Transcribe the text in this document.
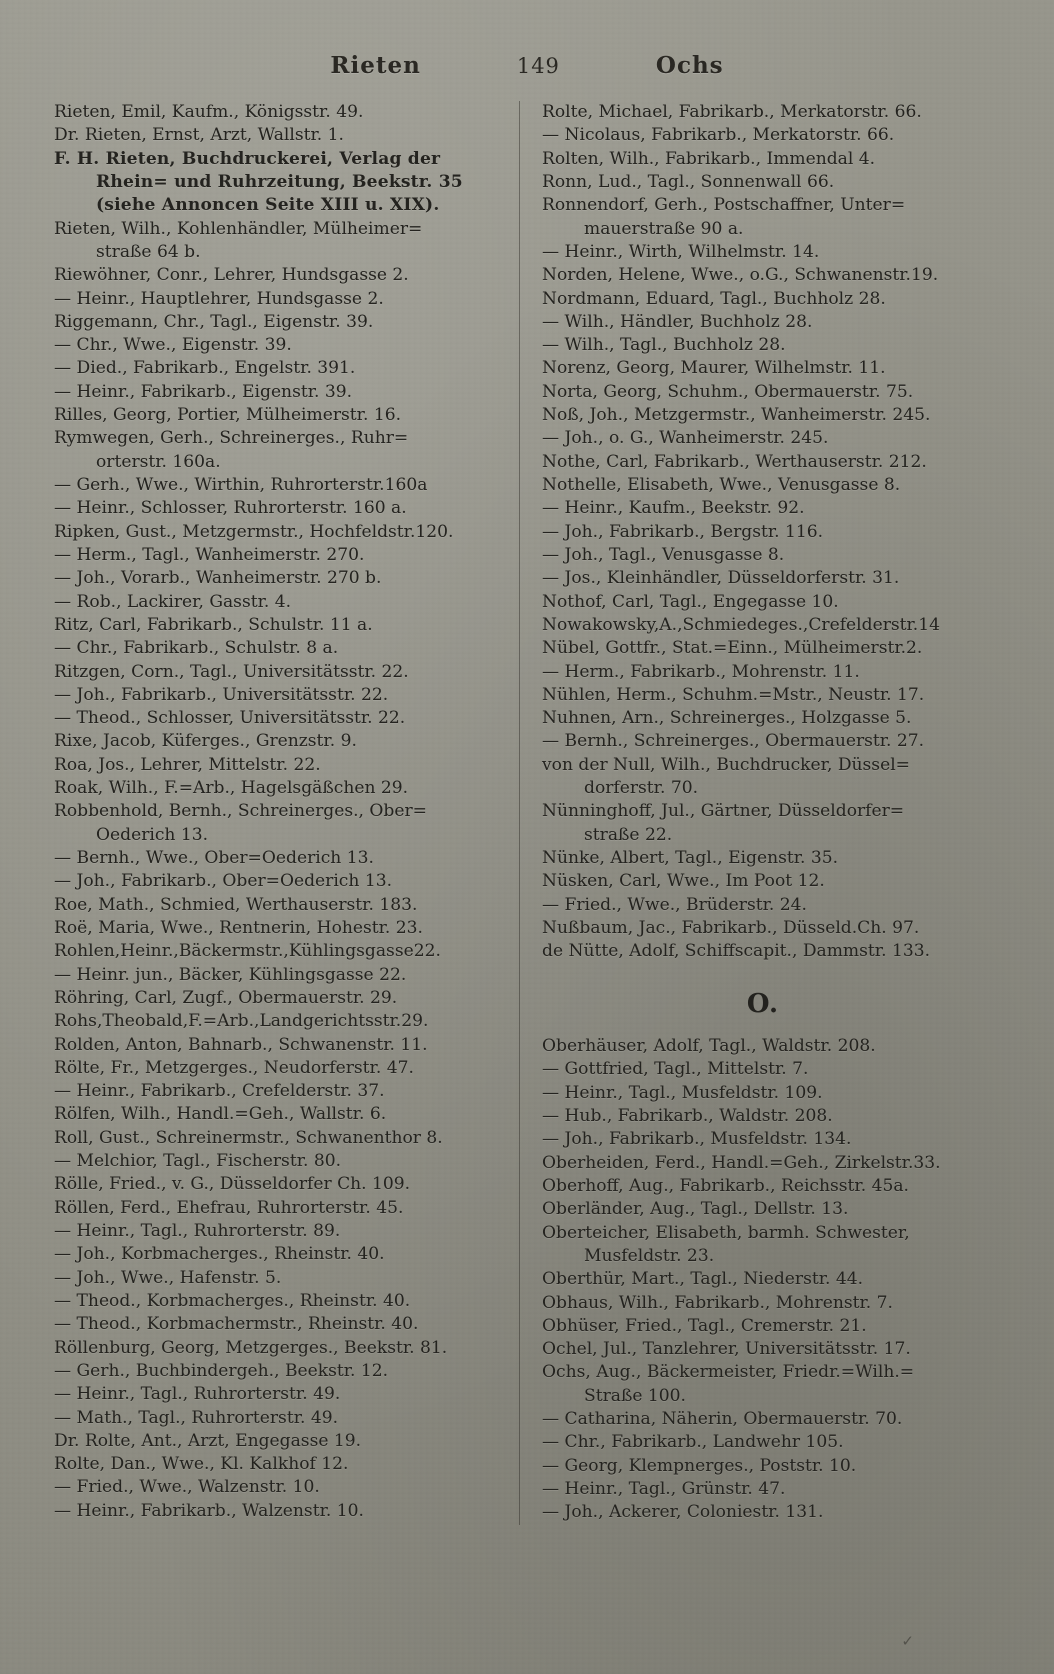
Rieten	149	Ochs
Rieten, Emil, Kaufm., Königsstr. 49.
Dr. Rieten, Ernst, Arzt, Wallstr. 1.
F. H. Rieten, Buchdruckerei, Verlag der
Rhein= und Ruhrzeitung, Beekstr. 35
(siehe Annoncen Seite XIII u. XIX).
Rieten, Wilh., Kohlenhändler, Mülheimer=
straße 64 b.
Riewöhner, Conr., Lehrer, Hundsgasse 2.
— Heinr., Hauptlehrer, Hundsgasse 2.
Riggemann, Chr., Tagl., Eigenstr. 39.
— Chr., Wwe., Eigenstr. 39.
— Died., Fabrikarb., Engelstr. 391.
— Heinr., Fabrikarb., Eigenstr. 39.
Rilles, Georg, Portier, Mülheimerstr. 16.
Rymwegen, Gerh., Schreinerges., Ruhr=
orterstr. 160a.
— Gerh., Wwe., Wirthin, Ruhrorterstr.160a
— Heinr., Schlosser, Ruhrorterstr. 160 a.
Ripken, Gust., Metzgermstr., Hochfeldstr.120.
— Herm., Tagl., Wanheimerstr. 270.
— Joh., Vorarb., Wanheimerstr. 270 b.
— Rob., Lackirer, Gasstr. 4.
Ritz, Carl, Fabrikarb., Schulstr. 11 a.
— Chr., Fabrikarb., Schulstr. 8 a.
Ritzgen, Corn., Tagl., Universitätsstr. 22.
— Joh., Fabrikarb., Universitätsstr. 22.
— Theod., Schlosser, Universitätsstr. 22.
Rixe, Jacob, Küferges., Grenzstr. 9.
Roa, Jos., Lehrer, Mittelstr. 22.
Roak, Wilh., F.=Arb., Hagelsgäßchen 29.
Robbenhold, Bernh., Schreinerges., Ober=
Oederich 13.
— Bernh., Wwe., Ober=Oederich 13.
— Joh., Fabrikarb., Ober=Oederich 13.
Roe, Math., Schmied, Werthauserstr. 183.
Roë, Maria, Wwe., Rentnerin, Hohestr. 23.
Rohlen,Heinr.,Bäckermstr.,Kühlingsgasse22.
— Heinr. jun., Bäcker, Kühlingsgasse 22.
Röhring, Carl, Zugf., Obermauerstr. 29.
Rohs,Theobald,F.=Arb.,Landgerichtsstr.29.
Rolden, Anton, Bahnarb., Schwanenstr. 11.
Rölte, Fr., Metzgerges., Neudorferstr. 47.
— Heinr., Fabrikarb., Crefelderstr. 37.
Rölfen, Wilh., Handl.=Geh., Wallstr. 6.
Roll, Gust., Schreinermstr., Schwanenthor 8.
— Melchior, Tagl., Fischerstr. 80.
Rölle, Fried., v. G., Düsseldorfer Ch. 109.
Röllen, Ferd., Ehefrau, Ruhrorterstr. 45.
— Heinr., Tagl., Ruhrorterstr. 89.
— Joh., Korbmacherges., Rheinstr. 40.
— Joh., Wwe., Hafenstr. 5.
— Theod., Korbmacherges., Rheinstr. 40.
— Theod., Korbmachermstr., Rheinstr. 40.
Röllenburg, Georg, Metzgerges., Beekstr. 81.
— Gerh., Buchbindergeh., Beekstr. 12.
— Heinr., Tagl., Ruhrorterstr. 49.
— Math., Tagl., Ruhrorterstr. 49.
Dr. Rolte, Ant., Arzt, Engegasse 19.
Rolte, Dan., Wwe., Kl. Kalkhof 12.
— Fried., Wwe., Walzenstr. 10.
— Heinr., Fabrikarb., Walzenstr. 10.
Rolte, Michael, Fabrikarb., Merkatorstr. 66.
— Nicolaus, Fabrikarb., Merkatorstr. 66.
Rolten, Wilh., Fabrikarb., Immendal 4.
Ronn, Lud., Tagl., Sonnenwall 66.
Ronnendorf, Gerh., Postschaffner, Unter=
mauerstraße 90 a.
— Heinr., Wirth, Wilhelmstr. 14.
Norden, Helene, Wwe., o.G., Schwanenstr.19.
Nordmann, Eduard, Tagl., Buchholz 28.
— Wilh., Händler, Buchholz 28.
— Wilh., Tagl., Buchholz 28.
Norenz, Georg, Maurer, Wilhelmstr. 11.
Norta, Georg, Schuhm., Obermauerstr. 75.
Noß, Joh., Metzgermstr., Wanheimerstr. 245.
— Joh., o. G., Wanheimerstr. 245.
Nothe, Carl, Fabrikarb., Werthauserstr. 212.
Nothelle, Elisabeth, Wwe., Venusgasse 8.
— Heinr., Kaufm., Beekstr. 92.
— Joh., Fabrikarb., Bergstr. 116.
— Joh., Tagl., Venusgasse 8.
— Jos., Kleinhändler, Düsseldorferstr. 31.
Nothof, Carl, Tagl., Engegasse 10.
Nowakowsky,A.,Schmiedeges.,Crefelderstr.14
Nübel, Gottfr., Stat.=Einn., Mülheimerstr.2.
— Herm., Fabrikarb., Mohrenstr. 11.
Nühlen, Herm., Schuhm.=Mstr., Neustr. 17.
Nuhnen, Arn., Schreinerges., Holzgasse 5.
— Bernh., Schreinerges., Obermauerstr. 27.
von der Null, Wilh., Buchdrucker, Düssel=
dorferstr. 70.
Nünninghoff, Jul., Gärtner, Düsseldorfer=
straße 22.
Nünke, Albert, Tagl., Eigenstr. 35.
Nüsken, Carl, Wwe., Im Poot 12.
— Fried., Wwe., Brüderstr. 24.
Nußbaum, Jac., Fabrikarb., Düsseld.Ch. 97.
de Nütte, Adolf, Schiffscapit., Dammstr. 133.
O.
Oberhäuser, Adolf, Tagl., Waldstr. 208.
— Gottfried, Tagl., Mittelstr. 7.
— Heinr., Tagl., Musfeldstr. 109.
— Hub., Fabrikarb., Waldstr. 208.
— Joh., Fabrikarb., Musfeldstr. 134.
Oberheiden, Ferd., Handl.=Geh., Zirkelstr.33.
Oberhoff, Aug., Fabrikarb., Reichsstr. 45a.
Oberländer, Aug., Tagl., Dellstr. 13.
Oberteicher, Elisabeth, barmh. Schwester,
Musfeldstr. 23.
Oberthür, Mart., Tagl., Niederstr. 44.
Obhaus, Wilh., Fabrikarb., Mohrenstr. 7.
Obhüser, Fried., Tagl., Cremerstr. 21.
Ochel, Jul., Tanzlehrer, Universitätsstr. 17.
Ochs, Aug., Bäckermeister, Friedr.=Wilh.=
Straße 100.
— Catharina, Näherin, Obermauerstr. 70.
— Chr., Fabrikarb., Landwehr 105.
— Georg, Klempnerges., Poststr. 10.
— Heinr., Tagl., Grünstr. 47.
— Joh., Ackerer, Coloniestr. 131.
✓
